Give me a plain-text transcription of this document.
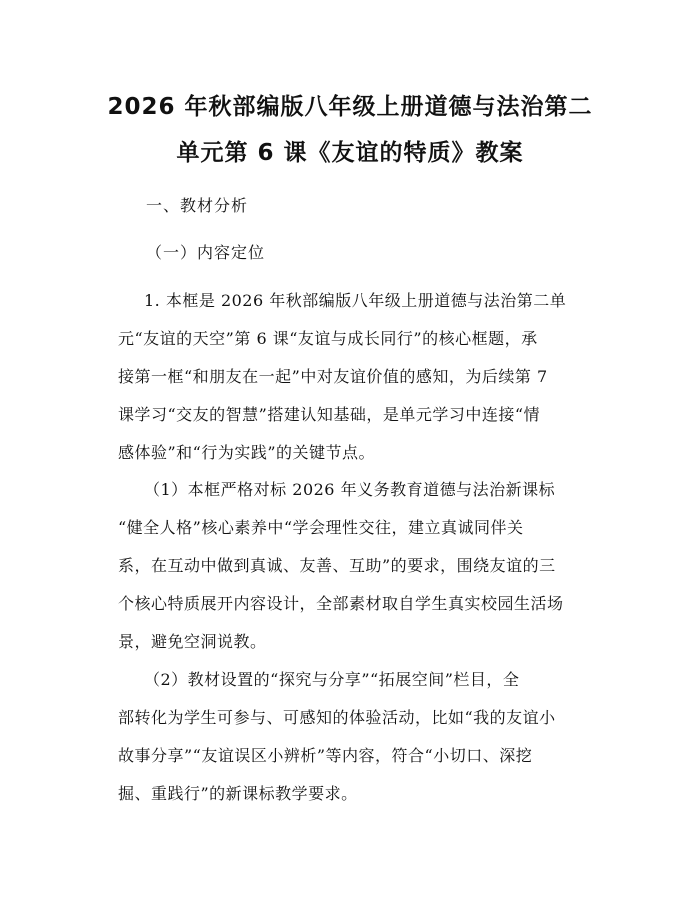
2026 年秋部编版八年级上册道德与法治第二
单元第 6 课《友谊的特质》教案
一、教材分析
（一）内容定位
1. 本框是 2026 年秋部编版八年级上册道德与法治第二单
元“友谊的天空”第 6 课“友谊与成长同行”的核心框题，承
接第一框“和朋友在一起”中对友谊价值的感知，为后续第 7
课学习“交友的智慧”搭建认知基础，是单元学习中连接“情
感体验”和“行为实践”的关键节点。
（1）本框严格对标 2026 年义务教育道德与法治新课标
“健全人格”核心素养中“学会理性交往，建立真诚同伴关
系，在互动中做到真诚、友善、互助”的要求，围绕友谊的三
个核心特质展开内容设计，全部素材取自学生真实校园生活场
景，避免空洞说教。
（2）教材设置的“探究与分享”“拓展空间”栏目，全
部转化为学生可参与、可感知的体验活动，比如“我的友谊小
故事分享”“友谊误区小辨析”等内容，符合“小切口、深挖
掘、重践行”的新课标教学要求。
